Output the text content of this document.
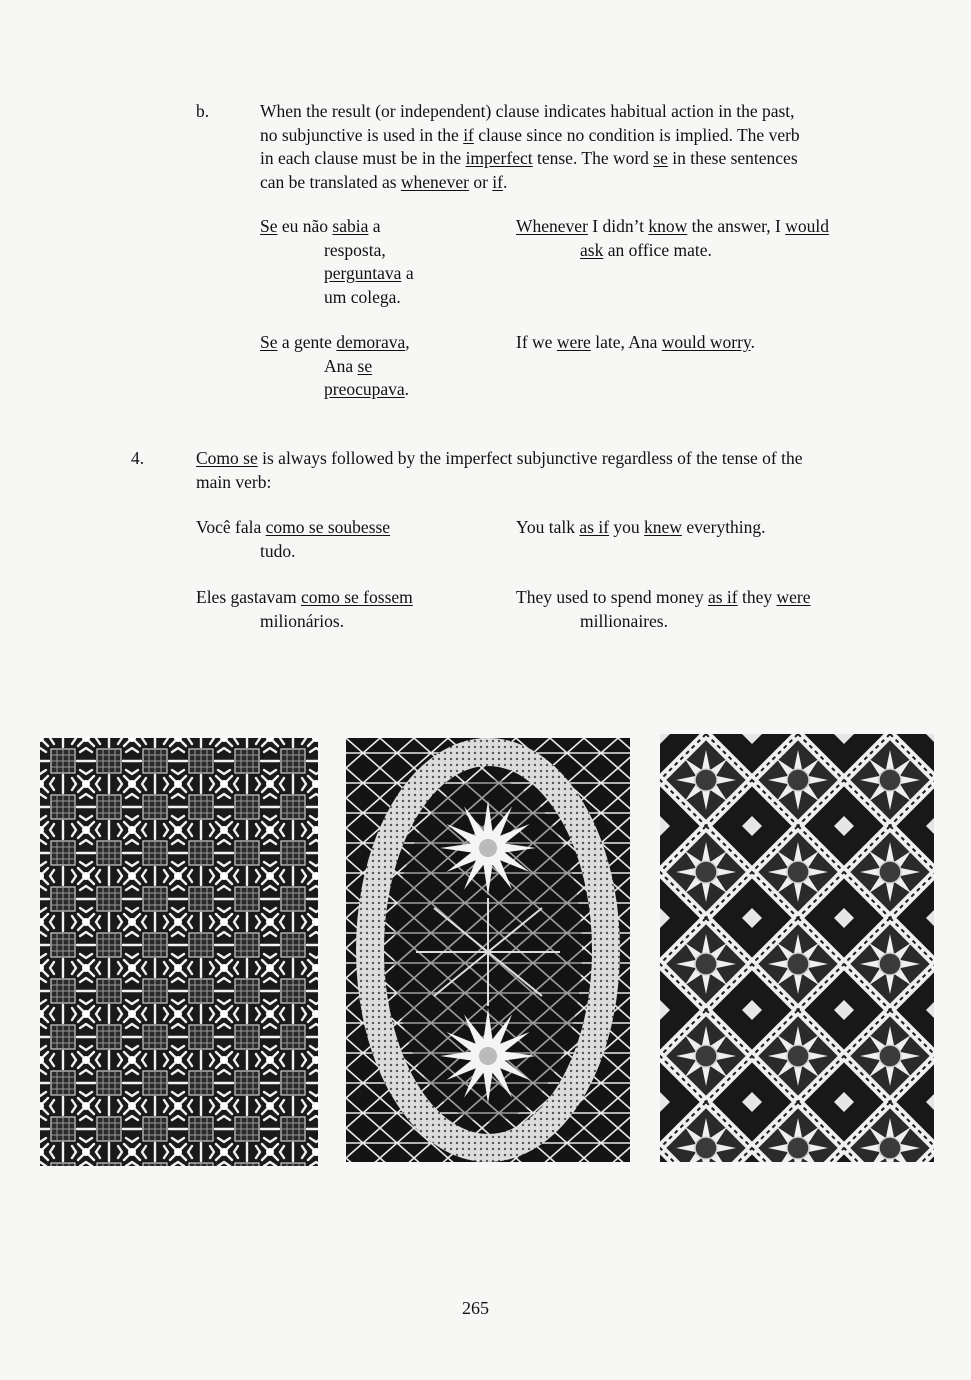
b.	When the result (or independent) clause indicates habitual action in the past,
no subjunctive is used in the if clause since no condition is implied. The verb
in each clause must be in the imperfect tense. The word se in these sentences
can be translated as whenever or if.
Se eu não sabia a
resposta,
perguntava a
um colega.
Whenever I didn’t know the answer, I would
ask an office mate.
Se a gente demorava,
Ana se
preocupava.
If we were late, Ana would worry.
4.	Como se is always followed by the imperfect subjunctive regardless of the tense of the
main verb:
Você fala como se soubesse
tudo.
You talk as if you knew everything.
Eles gastavam como se fossem
milionários.
They used to spend money as if they were
millionaires.
265
